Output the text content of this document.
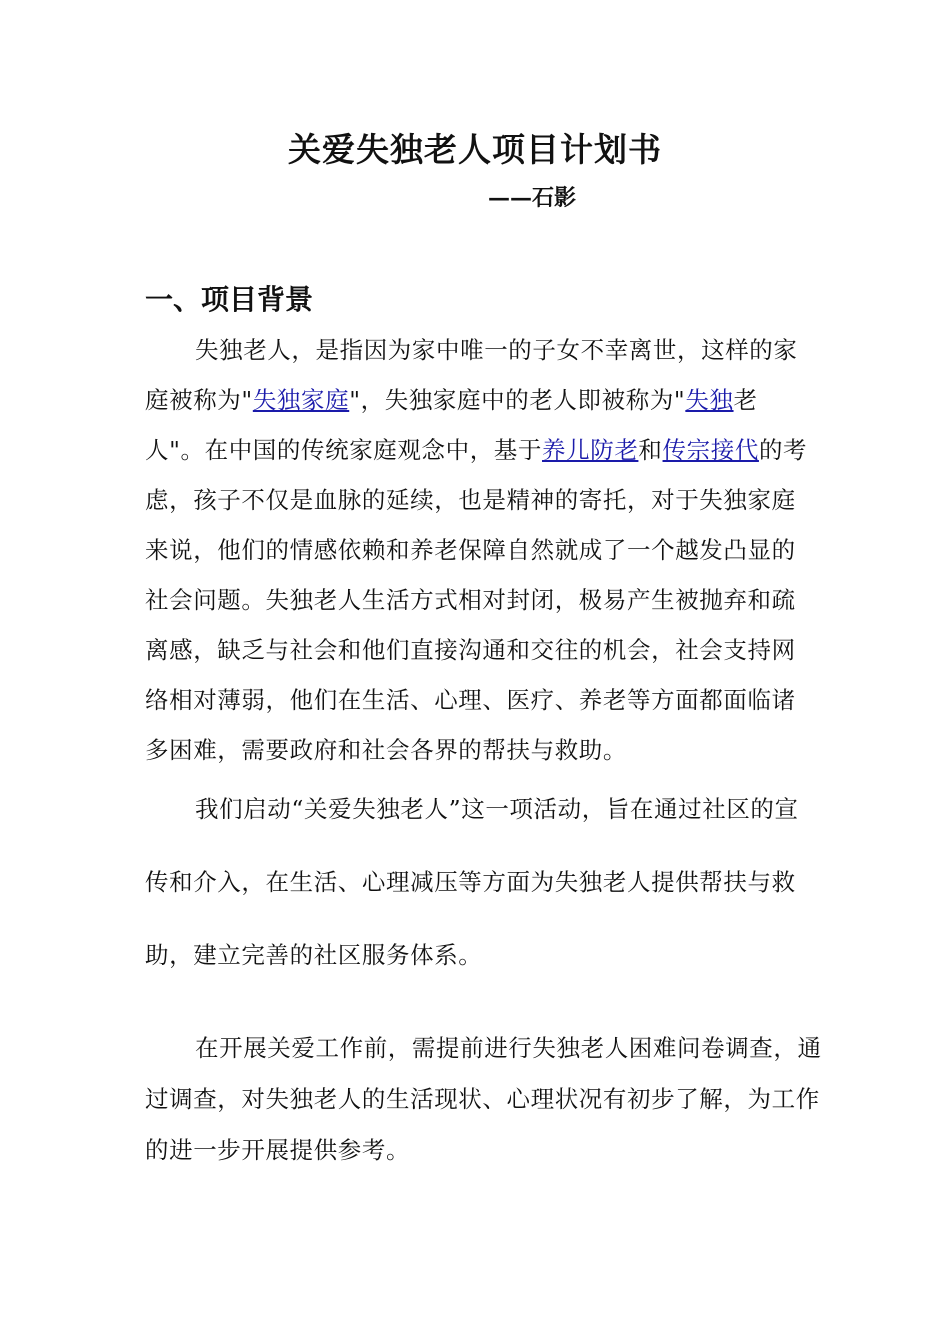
关爱失独老人项目计划书
——石影
一、项目背景

失独老人，是指因为家中唯一的子女不幸离世，这样的家庭被称为"失独家庭"，失独家庭中的老人即被称为"失独老人"。在中国的传统家庭观念中，基于养儿防老和传宗接代的考虑，孩子不仅是血脉的延续，也是精神的寄托，对于失独家庭来说，他们的情感依赖和养老保障自然就成了一个越发凸显的社会问题。失独老人生活方式相对封闭，极易产生被抛弃和疏离感，缺乏与社会和他们直接沟通和交往的机会，社会支持网络相对薄弱，他们在生活、心理、医疗、养老等方面都面临诸多困难，需要政府和社会各界的帮扶与救助。

我们启动“关爱失独老人”这一项活动，旨在通过社区的宣传和介入，在生活、心理减压等方面为失独老人提供帮扶与救助，建立完善的社区服务体系。

在开展关爱工作前，需提前进行失独老人困难问卷调查，通过调查，对失独老人的生活现状、心理状况有初步了解，为工作的进一步开展提供参考。
